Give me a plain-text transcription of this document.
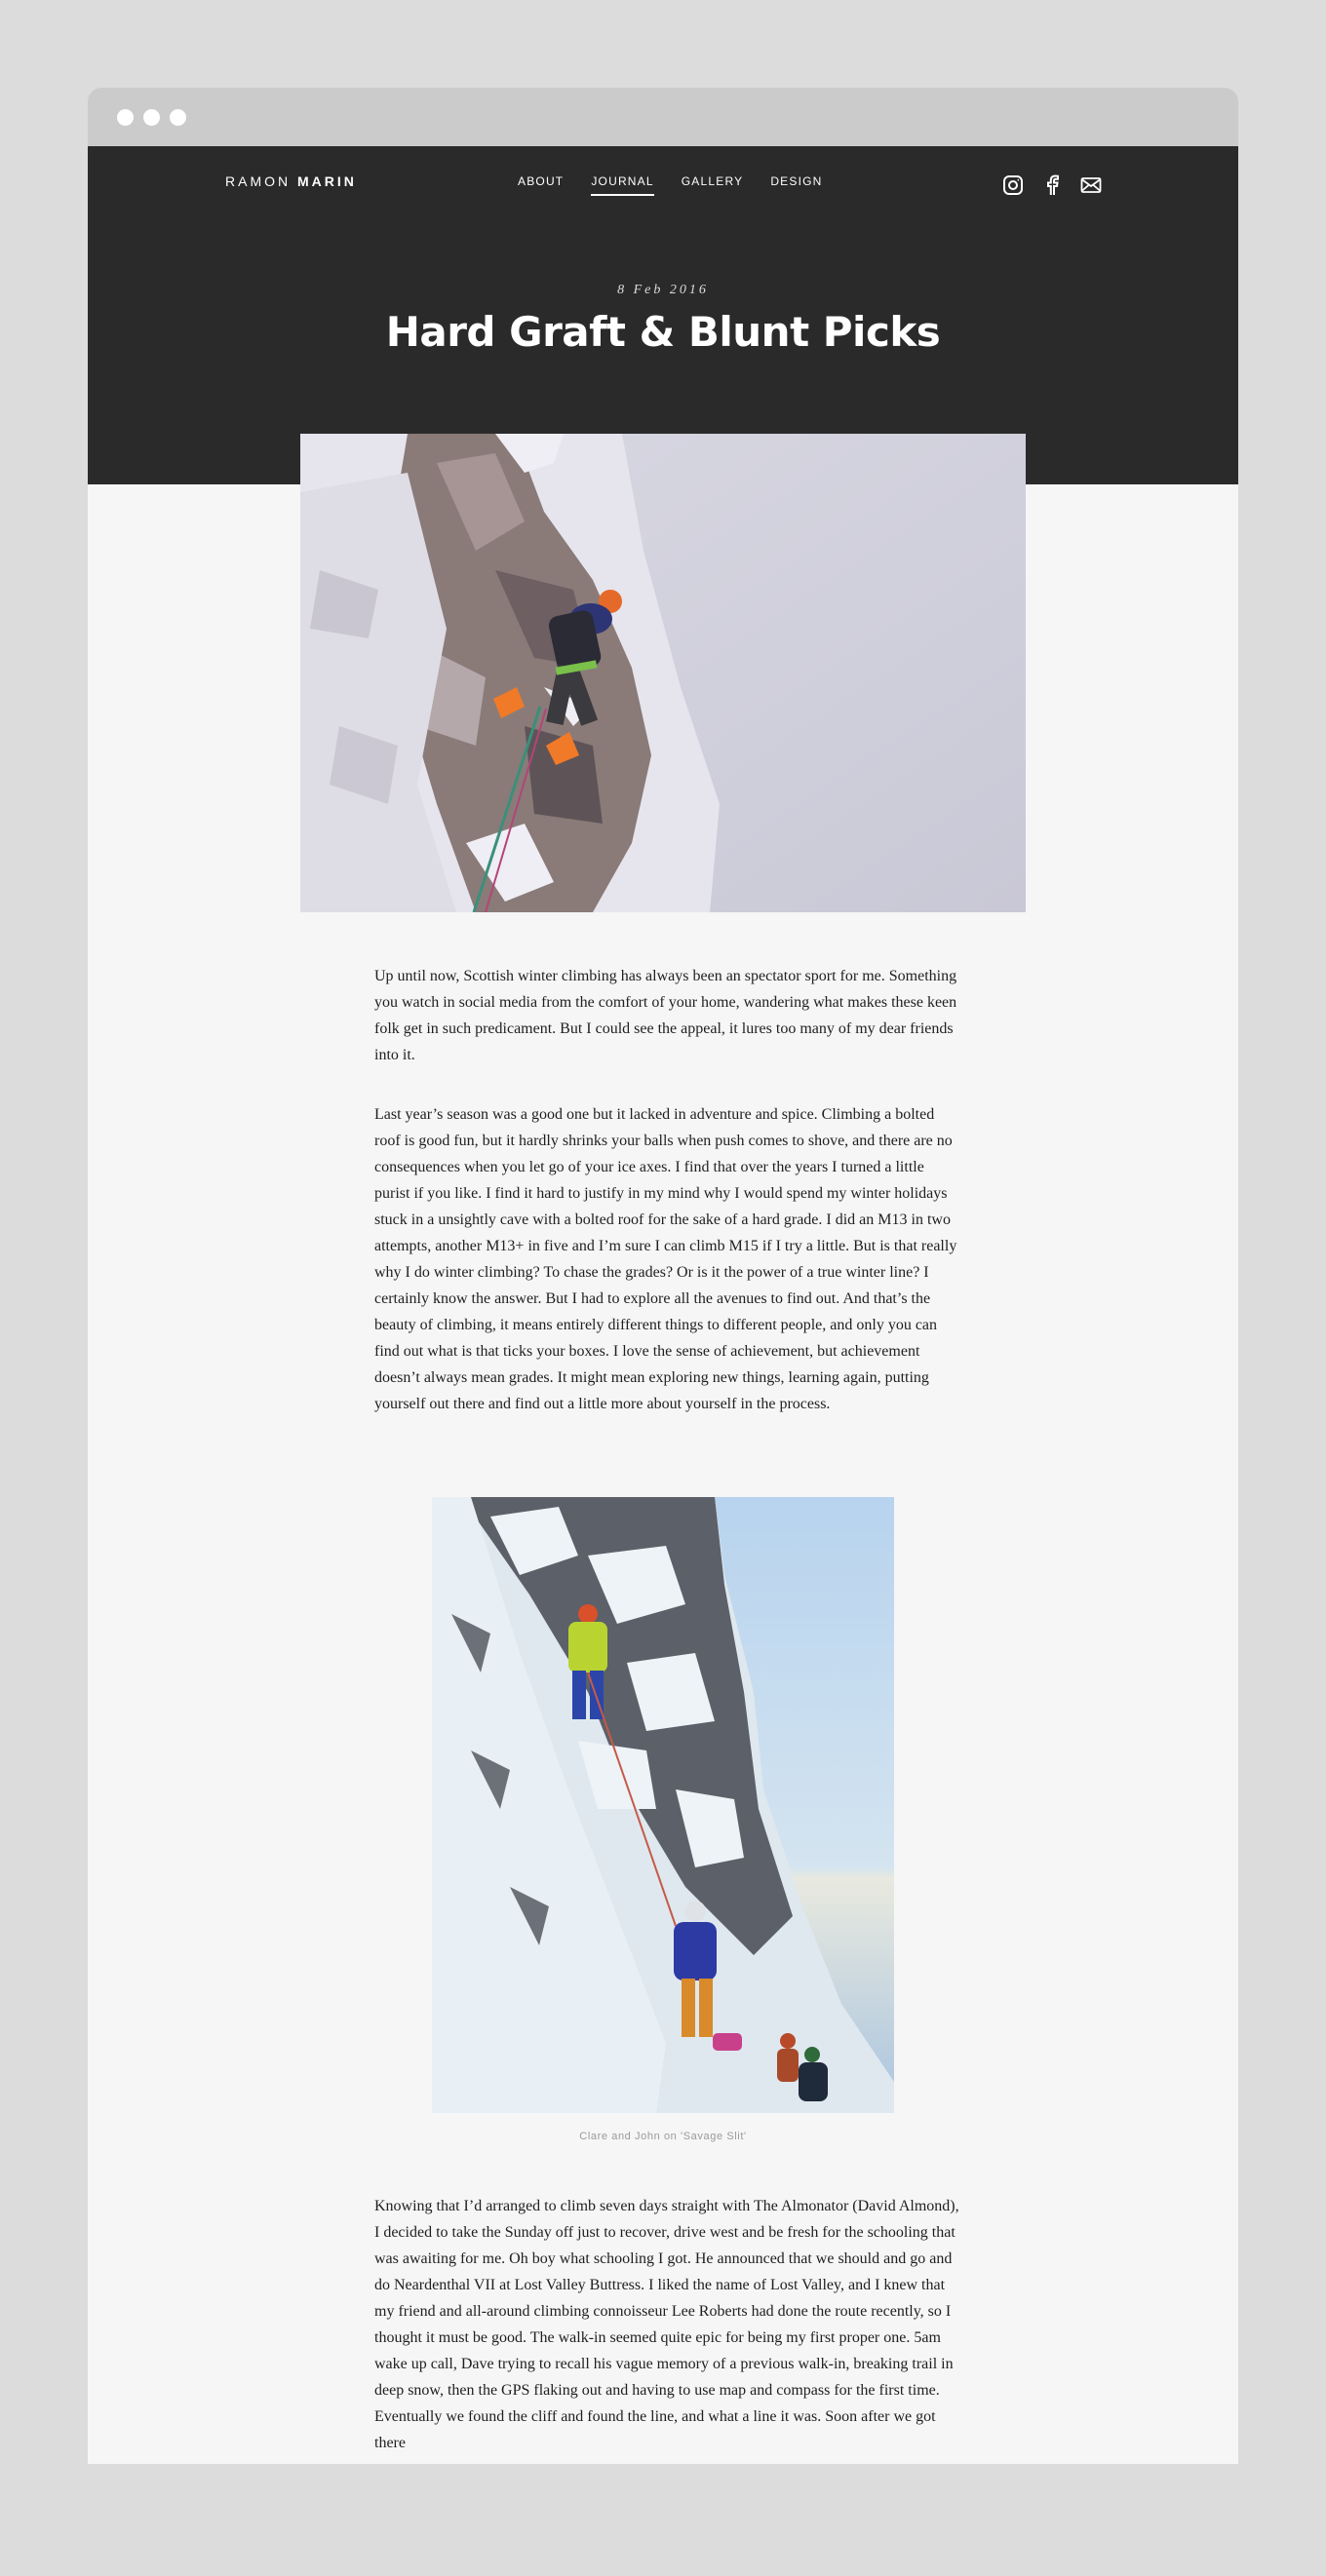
RAMON MARIN	ABOUT JOURNAL GALLERY DESIGN
8 Feb 2016
Hard Graft & Blunt Picks

Up until now, Scottish winter climbing has always been an spectator sport for me. Something you watch in social media from the comfort of your home, wandering what makes these keen folk get in such predicament. But I could see the appeal, it lures too many of my dear friends into it.

Last year’s season was a good one but it lacked in adventure and spice. Climbing a bolted roof is good fun, but it hardly shrinks your balls when push comes to shove, and there are no consequences when you let go of your ice axes. I find that over the years I turned a little purist if you like. I find it hard to justify in my mind why I would spend my winter holidays stuck in a unsightly cave with a bolted roof for the sake of a hard grade. I did an M13 in two attempts, another M13+ in five and I’m sure I can climb M15 if I try a little. But is that really why I do winter climbing? To chase the grades? Or is it the power of a true winter line? I certainly know the answer. But I had to explore all the avenues to find out. And that’s the beauty of climbing, it means entirely different things to different people, and only you can find out what is that ticks your boxes. I love the sense of achievement, but achievement doesn’t always mean grades. It might mean exploring new things, learning again, putting yourself out there and find out a little more about yourself in the process.

Clare and John on 'Savage Slit'

Knowing that I’d arranged to climb seven days straight with The Almonator (David Almond), I decided to take the Sunday off just to recover, drive west and be fresh for the schooling that was awaiting for me. Oh boy what schooling I got. He announced that we should and go and do Neardenthal VII at Lost Valley Buttress. I liked the name of Lost Valley, and I knew that my friend and all-around climbing connoisseur Lee Roberts had done the route recently, so I thought it must be good. The walk-in seemed quite epic for being my first proper one. 5am wake up call, Dave trying to recall his vague memory of a previous walk-in, breaking trail in deep snow, then the GPS flaking out and having to use map and compass for the first time. Eventually we found the cliff and found the line, and what a line it was. Soon after we got there
